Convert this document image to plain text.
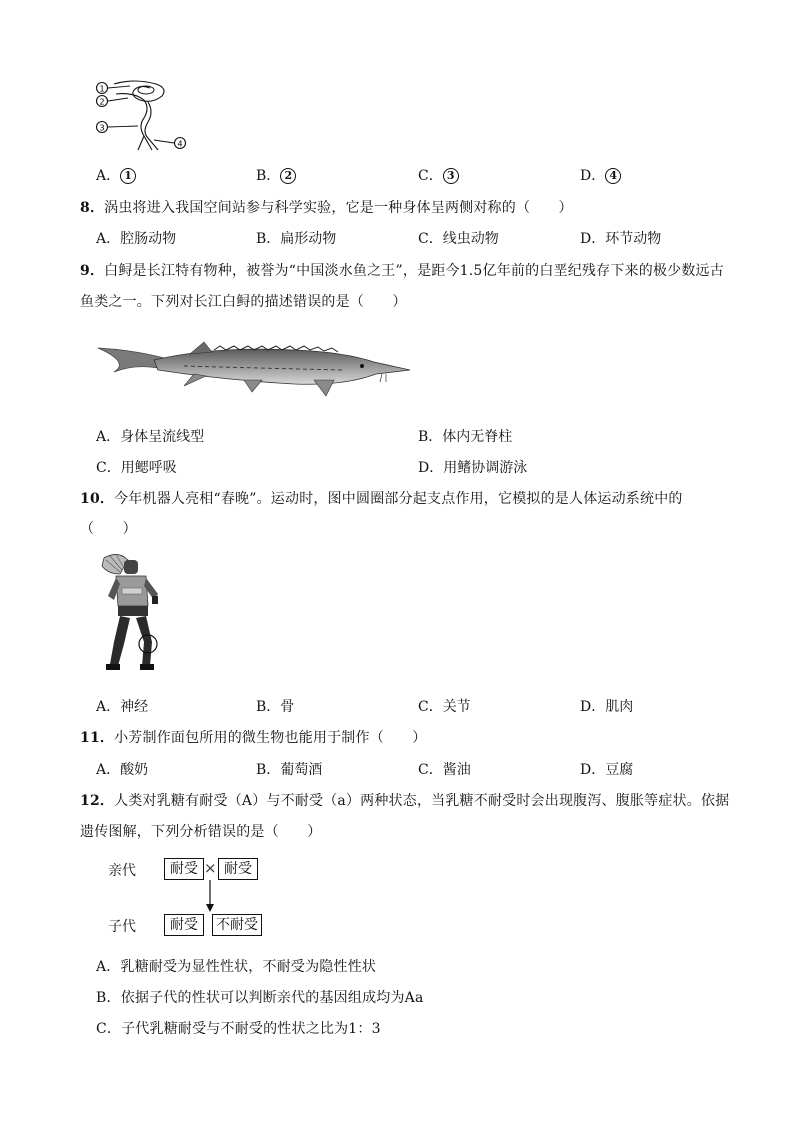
1
2
3
4
A． 1	B． 2	C． 3	D． 4
8．涡虫将进入我国空间站参与科学实验，它是一种身体呈两侧对称的（　　）
A．腔肠动物	B．扁形动物	C．线虫动物	D．环节动物
9．白鲟是长江特有物种，被誉为“中国淡水鱼之王”，是距今1.5亿年前的白垩纪残存下来的极少数远古
鱼类之一。下列对长江白鲟的描述错误的是（　　）
A．身体呈流线型	B．体内无脊柱
C．用鳃呼吸	D．用鳍协调游泳
10．今年机器人亮相“春晚”。运动时，图中圆圈部分起支点作用，它模拟的是人体运动系统中的
（　　）
A．神经	B．骨	C．关节	D．肌肉
11．小芳制作面包所用的微生物也能用于制作（　　）
A．酸奶	B．葡萄酒	C．酱油	D．豆腐
12．人类对乳糖有耐受（A）与不耐受（a）两种状态，当乳糖不耐受时会出现腹泻、腹胀等症状。依据
遗传图解，下列分析错误的是（　　）
亲代	耐受 × 耐受
子代	耐受	不耐受
A．乳糖耐受为显性性状，不耐受为隐性性状
B．依据子代的性状可以判断亲代的基因组成均为Aa
C．子代乳糖耐受与不耐受的性状之比为1：3
